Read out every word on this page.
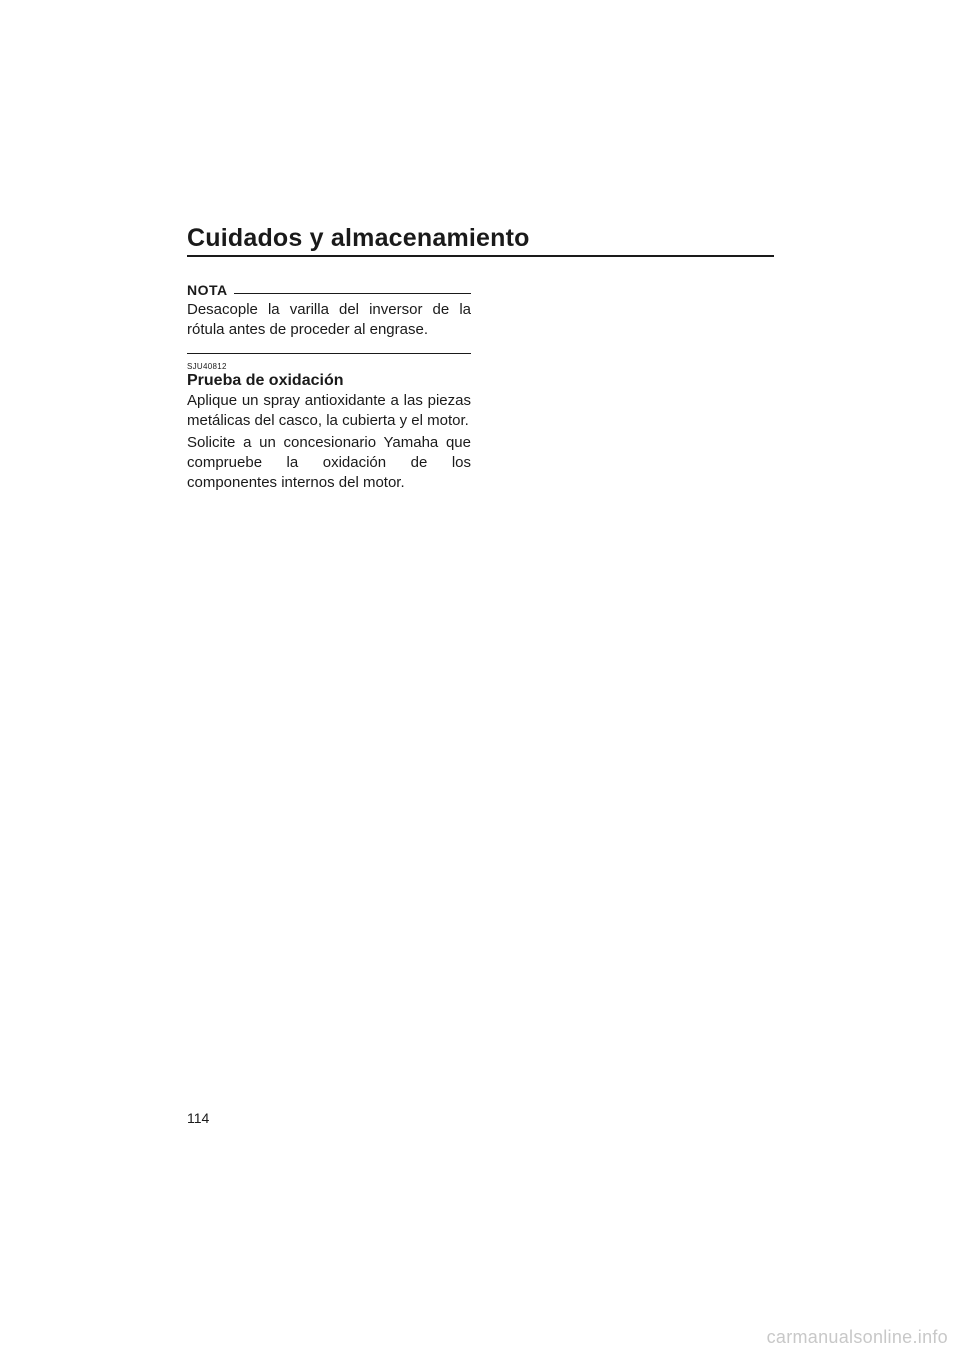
Cuidados y almacenamiento
NOTA

Desacople la varilla del inversor de la rótula antes de proceder al engrase.

SJU40812
Prueba de oxidación

Aplique un spray antioxidante a las piezas metálicas del casco, la cubierta y el motor.

Solicite a un concesionario Yamaha que compruebe la oxidación de los componentes internos del motor.

114
carmanualsonline.info
